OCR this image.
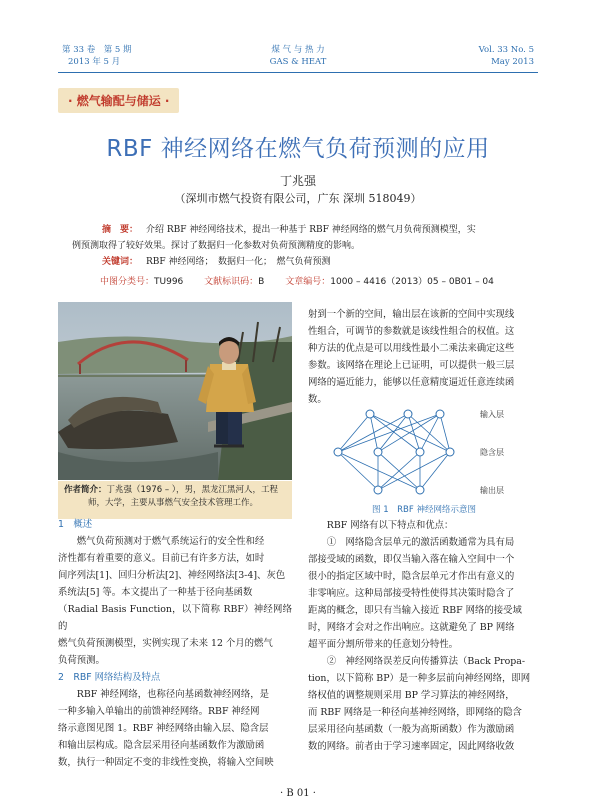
第 33 卷　第 5 期
2013 年 5 月
煤 气 与 热 力
GAS & HEAT
Vol. 33 No. 5
May 2013
· 燃气输配与储运 ·
RBF 神经网络在燃气负荷预测的应用
丁兆强
（深圳市燃气投资有限公司，广东 深圳 518049）
摘　要： 介绍 RBF 神经网络技术，提出一种基于 RBF 神经网络的燃气月负荷预测模型，实
例预测取得了较好效果。探讨了数据归一化参数对负荷预测精度的影响。
关键词： RBF 神经网络；　数据归一化；　燃气负荷预测
中图分类号：TU996 文献标识码：B 文章编号：1000 – 4416（2013）05 – 0B01 – 04
作者简介：丁兆强（1976 – ），男，黑龙江黑河人，工程
师，大学，主要从事燃气安全技术管理工作。

1　概述

燃气负荷预测对于燃气系统运行的安全性和经

济性都有着重要的意义。目前已有许多方法，如时

间序列法[1]、回归分析法[2]、神经网络法[3-4]、灰色

系统法[5] 等。本文提出了一种基于径向基函数

（Radial Basis Function，以下简称 RBF）神经网络的

燃气负荷预测模型，实例实现了未来 12 个月的燃气

负荷预测。

2　RBF 网络结构及特点

RBF 神经网络，也称径向基函数神经网络，是

一种多输入单输出的前馈神经网络。RBF 神经网

络示意图见图 1。RBF 神经网络由输入层、隐含层

和输出层构成。隐含层采用径向基函数作为激励函

数，执行一种固定不变的非线性变换，将输入空间映

射到一个新的空间，输出层在该新的空间中实现线

性组合，可调节的参数就是该线性组合的权值。这

种方法的优点是可以用线性最小二乘法来确定这些

参数。该网络在理论上已证明，可以提供一般三层

网络的逼近能力，能够以任意精度逼近任意连续函

数。

输入层
隐含层
输出层
图 1　RBF 神经网络示意图

RBF 网络有以下特点和优点：

①　网络隐含层单元的激活函数通常为具有局

部接受域的函数，即仅当输入落在输入空间中一个

很小的指定区域中时，隐含层单元才作出有意义的

非零响应。这种局部接受特性使得其决策时隐含了

距离的概念，即只有当输入接近 RBF 网络的接受域

时，网络才会对之作出响应。这就避免了 BP 网络

超平面分割所带来的任意划分特性。

②　神经网络误差反向传播算法（Back Propa-

tion，以下简称 BP）是一种多层前向神经网络，即网

络权值的调整规则采用 BP 学习算法的神经网络，

而 RBF 网络是一种径向基神经网络，即网络的隐含

层采用径向基函数（一般为高斯函数）作为激励函

数的网络。前者由于学习速率固定，因此网络收敛

· B 01 ·
